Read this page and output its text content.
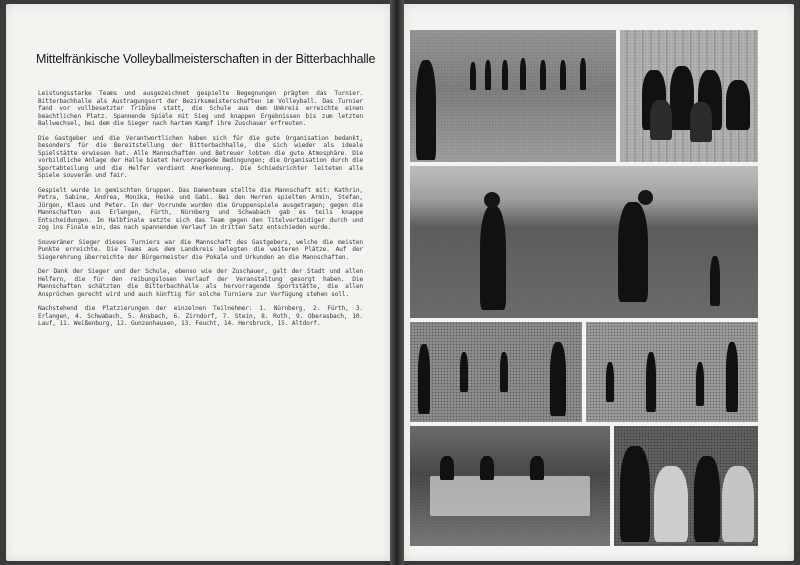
Mittelfränkische Volleyballmeisterschaften in der Bitterbachhalle

Leistungsstarke Teams und ausgezeichnet gespielte Begegnungen prägten das Turnier. Bitterbachhalle als Austragungsort der Bezirksmeisterschaften im Volleyball. Das Turnier fand vor vollbesetzter Tribüne statt, die Schule aus dem Umkreis erreichte einen beachtlichen Platz. Spannende Spiele mit Sieg und knappen Ergebnissen bis zum letzten Ballwechsel, bei dem die Sieger nach hartem Kampf ihre Zuschauer erfreuten.

Die Gastgeber und die Verantwortlichen haben sich für die gute Organisation bedankt, besonders für die Bereitstellung der Bitterbachhalle, die sich wieder als ideale Spielstätte erwiesen hat. Alle Mannschaften und Betreuer lobten die gute Atmosphäre. Die vorbildliche Anlage der Halle bietet hervorragende Bedingungen; die Organisation durch die Sportabteilung und die Helfer verdient Anerkennung. Die Schiedsrichter leiteten alle Spiele souverän und fair.

Gespielt wurde in gemischten Gruppen. Das Damenteam stellte die Mannschaft mit: Kathrin, Petra, Sabine, Andrea, Monika, Heike und Gabi. Bei den Herren spielten Armin, Stefan, Jürgen, Klaus und Peter. In der Vorrunde wurden die Gruppenspiele ausgetragen; gegen die Mannschaften aus Erlangen, Fürth, Nürnberg und Schwabach gab es teils knappe Entscheidungen. Im Halbfinale setzte sich das Team gegen den Titelverteidiger durch und zog ins Finale ein, das nach spannendem Verlauf im dritten Satz entschieden wurde.

Souveräner Sieger dieses Turniers war die Mannschaft des Gastgebers, welche die meisten Punkte erreichte. Die Teams aus dem Landkreis belegten die weiteren Plätze. Auf der Siegerehrung überreichte der Bürgermeister die Pokale und Urkunden an die Mannschaften.

Der Dank der Sieger und der Schule, ebenso wie der Zuschauer, galt der Stadt und allen Helfern, die für den reibungslosen Verlauf der Veranstaltung gesorgt haben. Die Mannschaften schätzten die Bitterbachhalle als hervorragende Sportstätte, die allen Ansprüchen gerecht wird und auch künftig für solche Turniere zur Verfügung stehen soll.

Nachstehend die Platzierungen der einzelnen Teilnehmer: 1. Nürnberg, 2. Fürth, 3. Erlangen, 4. Schwabach, 5. Ansbach, 6. Zirndorf, 7. Stein, 8. Roth, 9. Oberasbach, 10. Lauf, 11. Weißenburg, 12. Gunzenhausen, 13. Feucht, 14. Hersbruck, 15. Altdorf.
